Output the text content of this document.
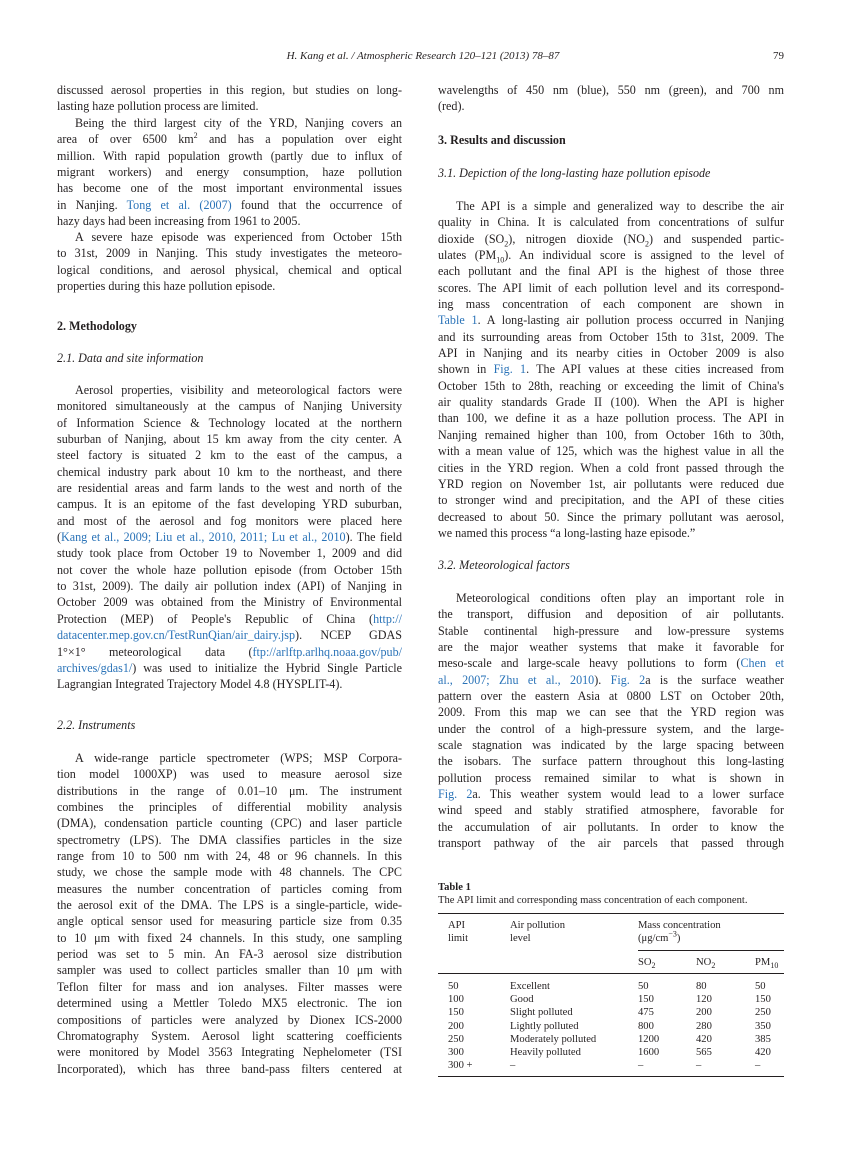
H. Kang et al. / Atmospheric Research 120–121 (2013) 78–87	79
discussed aerosol properties in this region, but studies on long-
lasting haze pollution process are limited.
Being the third largest city of the YRD, Nanjing covers an
area of over 6500 $km^2$ and has a population over eight
million. With rapid population growth (partly due to influx of
migrant workers) and energy consumption, haze pollution
has become one of the most important environmental issues
in Nanjing. Tong et al. (2007) found that the occurrence of
hazy days had been increasing from 1961 to 2005.
A severe haze episode was experienced from October 15th
to 31st, 2009 in Nanjing. This study investigates the meteoro-
logical conditions, and aerosol physical, chemical and optical
properties during this haze pollution episode.
2. Methodology
2.1. Data and site information
Aerosol properties, visibility and meteorological factors were
monitored simultaneously at the campus of Nanjing University
of Information Science & Technology located at the northern
suburban of Nanjing, about 15 km away from the city center. A
steel factory is situated 2 km to the east of the campus, a
chemical industry park about 10 km to the northeast, and there
are residential areas and farm lands to the west and north of the
campus. It is an epitome of the fast developing YRD suburban,
and most of the aerosol and fog monitors were placed here
(Kang et al., 2009; Liu et al., 2010, 2011; Lu et al., 2010). The field
study took place from October 19 to November 1, 2009 and did
not cover the whole haze pollution episode (from October 15th
to 31st, 2009). The daily air pollution index (API) of Nanjing in
October 2009 was obtained from the Ministry of Environmental
Protection (MEP) of People's Republic of China (http://
datacenter.mep.gov.cn/TestRunQian/air_dairy.jsp). NCEP GDAS
1°×1° meteorological data (ftp://arlftp.arlhq.noaa.gov/pub/
archives/gdas1/) was used to initialize the Hybrid Single Particle
Lagrangian Integrated Trajectory Model 4.8 (HYSPLIT-4).
2.2. Instruments
A wide-range particle spectrometer (WPS; MSP Corpora-
tion model 1000XP) was used to measure aerosol size
distributions in the range of 0.01–10 μm. The instrument
combines the principles of differential mobility analysis
(DMA), condensation particle counting (CPC) and laser particle
spectrometry (LPS). The DMA classifies particles in the size
range from 10 to 500 nm with 24, 48 or 96 channels. In this
study, we chose the sample mode with 48 channels. The CPC
measures the number concentration of particles coming from
the aerosol exit of the DMA. The LPS is a single-particle, wide-
angle optical sensor used for measuring particle size from 0.35
to 10 μm with fixed 24 channels. In this study, one sampling
period was set to 5 min. An FA-3 aerosol size distribution
sampler was used to collect particles smaller than 10 μm with
Teflon filter for mass and ion analyses. Filter masses were
determined using a Mettler Toledo MX5 electronic. The ion
compositions of particles were analyzed by Dionex ICS-2000
Chromatography System. Aerosol light scattering coefficients
were monitored by Model 3563 Integrating Nephelometer (TSI
Incorporated), which has three band-pass filters centered at
wavelengths of 450 nm (blue), 550 nm (green), and 700 nm
(red).
3. Results and discussion
3.1. Depiction of the long-lasting haze pollution episode
The API is a simple and generalized way to describe the air
quality in China. It is calculated from concentrations of sulfur
dioxide $(SO_2)$, nitrogen dioxide $(NO_2)$ and suspended partic-
ulates $(PM_{10})$. An individual score is assigned to the level of
each pollutant and the final API is the highest of those three
scores. The API limit of each pollution level and its correspond-
ing mass concentration of each component are shown in
Table 1. A long-lasting air pollution process occurred in Nanjing
and its surrounding areas from October 15th to 31st, 2009. The
API in Nanjing and its nearby cities in October 2009 is also
shown in Fig. 1. The API values at these cities increased from
October 15th to 28th, reaching or exceeding the limit of China's
air quality standards Grade II (100). When the API is higher
than 100, we define it as a haze pollution process. The API in
Nanjing remained higher than 100, from October 16th to 30th,
with a mean value of 125, which was the highest value in all the
cities in the YRD region. When a cold front passed through the
YRD region on November 1st, air pollutants were reduced due
to stronger wind and precipitation, and the API of these cities
decreased to about 50. Since the primary pollutant was aerosol,
we named this process “a long-lasting haze episode.”
3.2. Meteorological factors
Meteorological conditions often play an important role in
the transport, diffusion and deposition of air pollutants.
Stable continental high-pressure and low-pressure systems
are the major weather systems that make it favorable for
meso-scale and large-scale heavy pollutions to form (Chen et
al., 2007; Zhu et al., 2010). Fig. 2a is the surface weather
pattern over the eastern Asia at 0800 LST on October 20th,
2009. From this map we can see that the YRD region was
under the control of a high-pressure system, and the large-
scale stagnation was indicated by the large spacing between
the isobars. The surface pattern throughout this long-lasting
pollution process remained similar to what is shown in
Fig. 2a. This weather system would lead to a lower surface
wind speed and stably stratified atmosphere, favorable for
the accumulation of air pollutants. In order to know the
transport pathway of the air parcels that passed through
Table 1
The API limit and corresponding mass concentration of each component.
API
limit	Air pollution
level	Mass concentration
$(\mu g/cm^{-3})$		

		$SO_2$	$NO_2$	$PM_{10}$

50	Excellent	50	80	50
100	Good	150	120	150
150	Slight polluted	475	200	250
200	Lightly polluted	800	280	350
250	Moderately polluted	1200	420	385
300	Heavily polluted	1600	565	420
300 +	–	–	–	–
